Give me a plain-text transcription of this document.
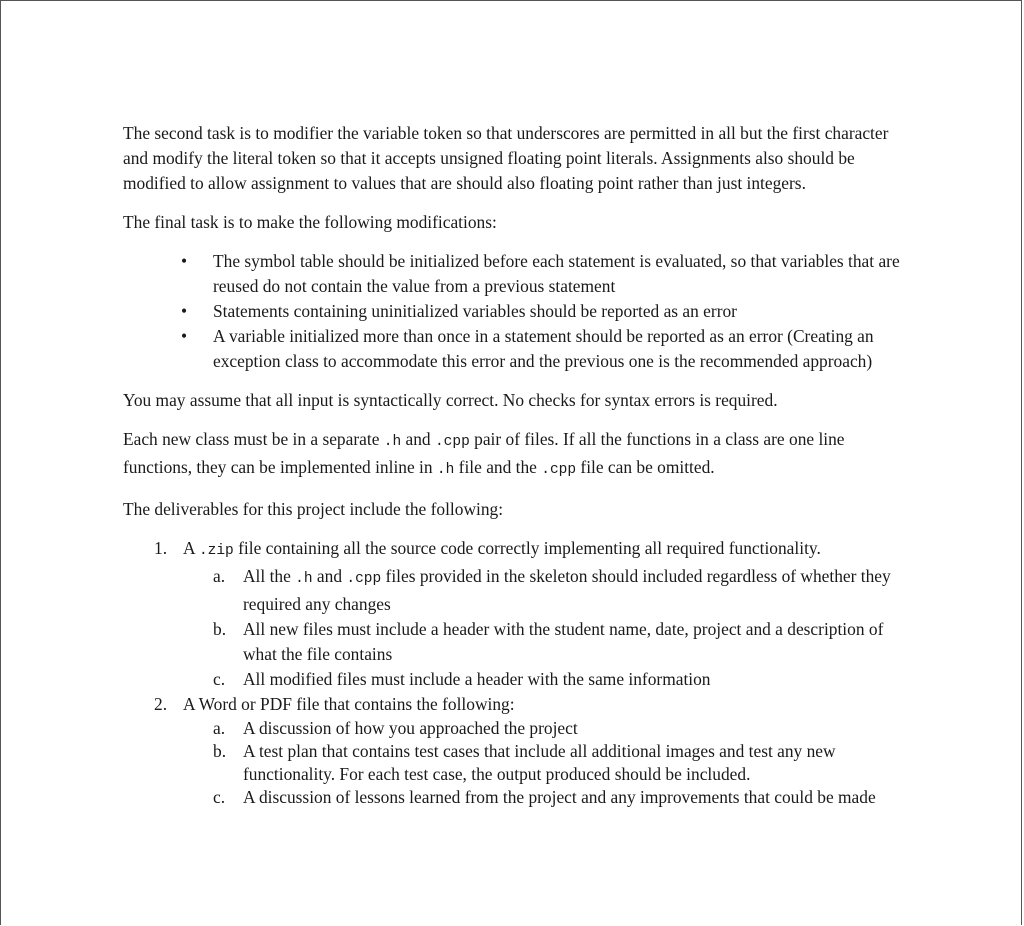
The second task is to modifier the variable token so that underscores are permitted in all but the first character and modify the literal token so that it accepts unsigned floating point literals. Assignments also should be modified to allow assignment to values that are should also floating point rather than just integers.

The final task is to make the following modifications:

• The symbol table should be initialized before each statement is evaluated, so that variables that are reused do not contain the value from a previous statement
• Statements containing uninitialized variables should be reported as an error
• A variable initialized more than once in a statement should be reported as an error (Creating an exception class to accommodate this error and the previous one is the recommended approach)

You may assume that all input is syntactically correct. No checks for syntax errors is required.

Each new class must be in a separate .h and .cpp pair of files. If all the functions in a class are one line functions, they can be implemented inline in .h file and the .cpp file can be omitted.

The deliverables for this project include the following:

1. A .zip file containing all the source code correctly implementing all required functionality.
a. All the .h and .cpp files provided in the skeleton should included regardless of whether they required any changes
b. All new files must include a header with the student name, date, project and a description of what the file contains
c. All modified files must include a header with the same information
2. A Word or PDF file that contains the following:
a. A discussion of how you approached the project
b. A test plan that contains test cases that include all additional images and test any new functionality. For each test case, the output produced should be included.
c. A discussion of lessons learned from the project and any improvements that could be made
